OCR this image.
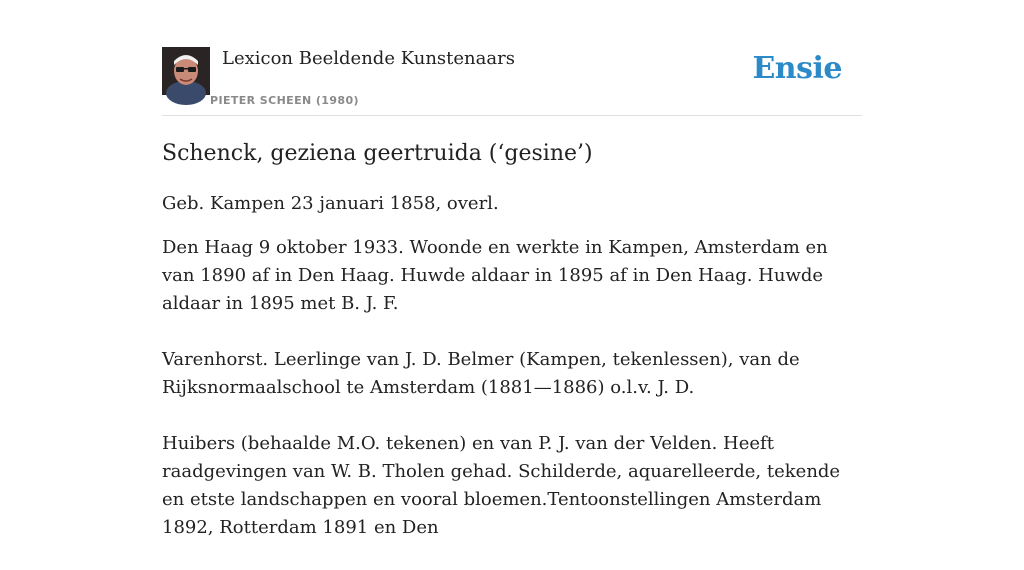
Lexicon Beeldende Kunstenaars
PIETER SCHEEN (1980)
Ensie
Schenck, geziena geertruida (‘gesine’)

Geb. Kampen 23 januari 1858, overl.

Den Haag 9 oktober 1933. Woonde en werkte in Kampen, Amsterdam en van 1890 af in Den Haag. Huwde aldaar in 1895 af in Den Haag. Huwde aldaar in 1895 met B. J. F.

Varenhorst. Leerlinge van J. D. Belmer (Kampen, tekenlessen), van de Rijksnormaalschool te Amsterdam (1881—1886) o.l.v. J. D.

Huibers (behaalde M.O. tekenen) en van P. J. van der Velden. Heeft raadgevingen van W. B. Tholen gehad. Schilderde, aquarelleerde, tekende en etste landschappen en vooral bloemen.Tentoonstellingen Amsterdam 1892, Rotterdam 1891 en Den
